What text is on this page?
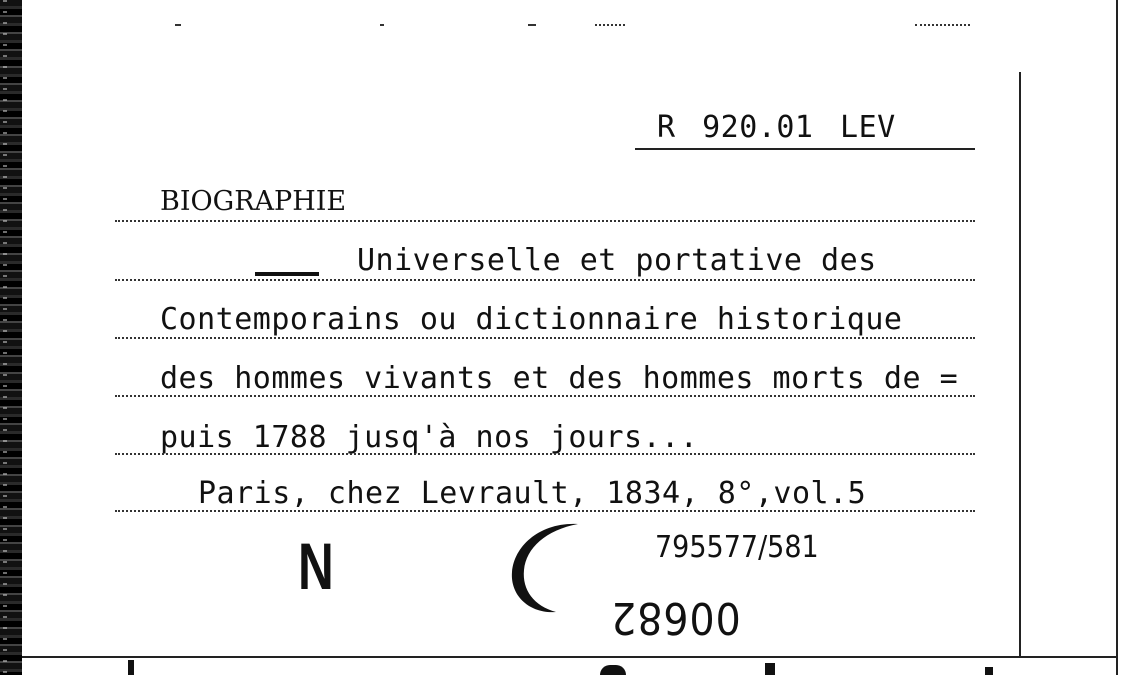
R 920.01 LEV
BIOGRAPHIE
Universelle et portative des
Contemporains ou dictionnaire historique
des hommes vivants et des hommes morts de =
puis 1788 jusq'à nos jours...
Paris, chez Levrault, 1834, 8°,vol.5
N	795577/581
00682
